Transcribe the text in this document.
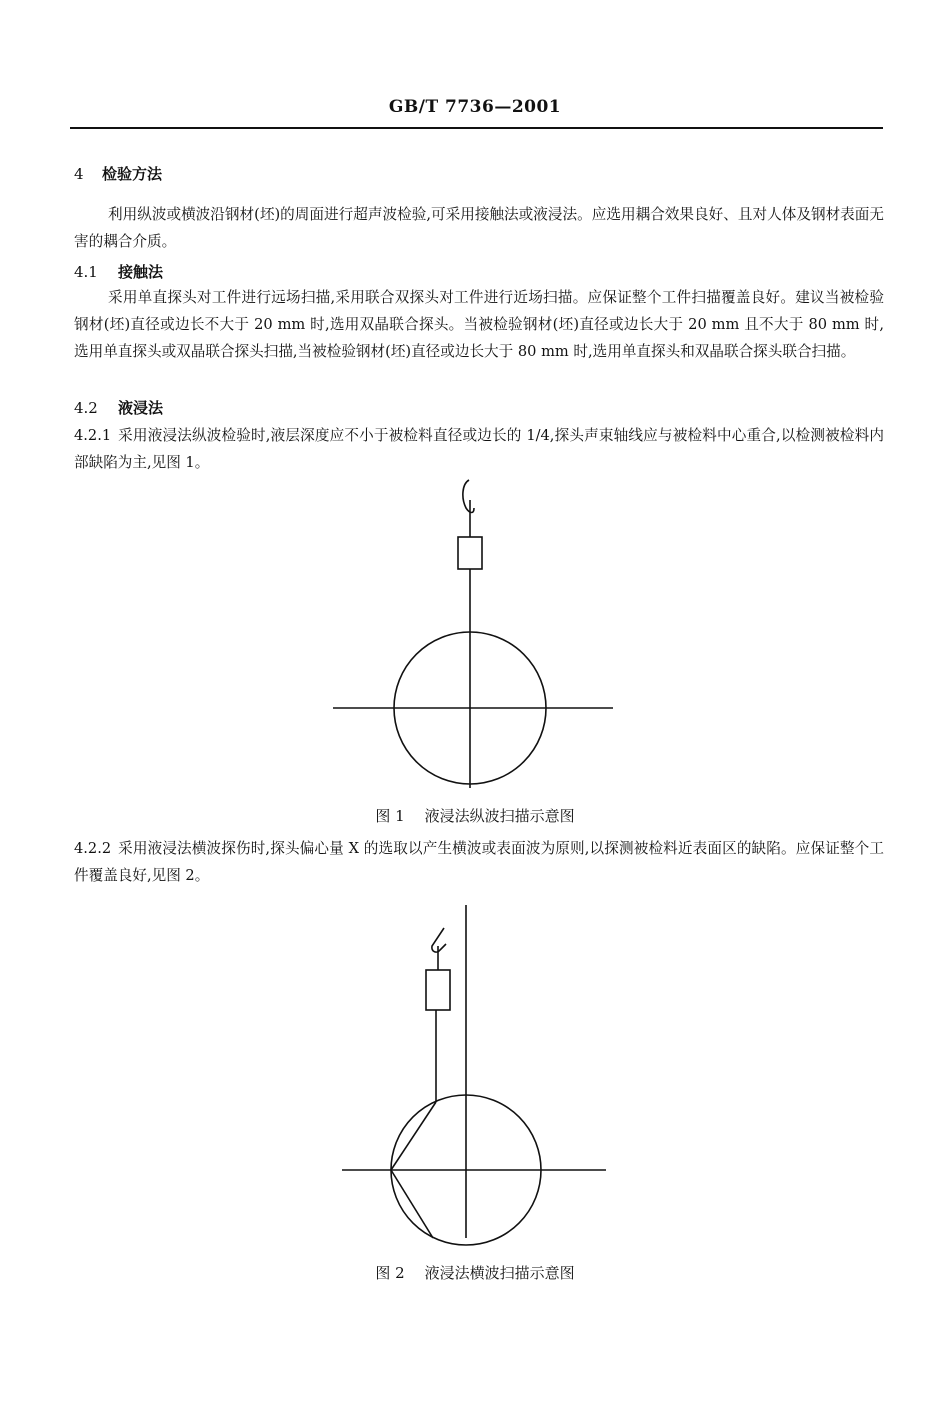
GB/T 7736—2001
4 检验方法
利用纵波或横波沿钢材(坯)的周面进行超声波检验,可采用接触法或液浸法。应选用耦合效果良好、且对人体及钢材表面无害的耦合介质。
4.1 接触法
采用单直探头对工件进行远场扫描,采用联合双探头对工件进行近场扫描。应保证整个工件扫描覆盖良好。建议当被检验钢材(坯)直径或边长不大于 20 mm 时,选用双晶联合探头。当被检验钢材(坯)直径或边长大于 20 mm 且不大于 80 mm 时,选用单直探头或双晶联合探头扫描,当被检验钢材(坯)直径或边长大于 80 mm 时,选用单直探头和双晶联合探头联合扫描。
4.2 液浸法
4.2.1 采用液浸法纵波检验时,液层深度应不小于被检料直径或边长的 1/4,探头声束轴线应与被检料中心重合,以检测被检料内部缺陷为主,见图 1。
图 1 液浸法纵波扫描示意图
4.2.2 采用液浸法横波探伤时,探头偏心量 X 的选取以产生横波或表面波为原则,以探测被检料近表面区的缺陷。应保证整个工件覆盖良好,见图 2。
图 2 液浸法横波扫描示意图
